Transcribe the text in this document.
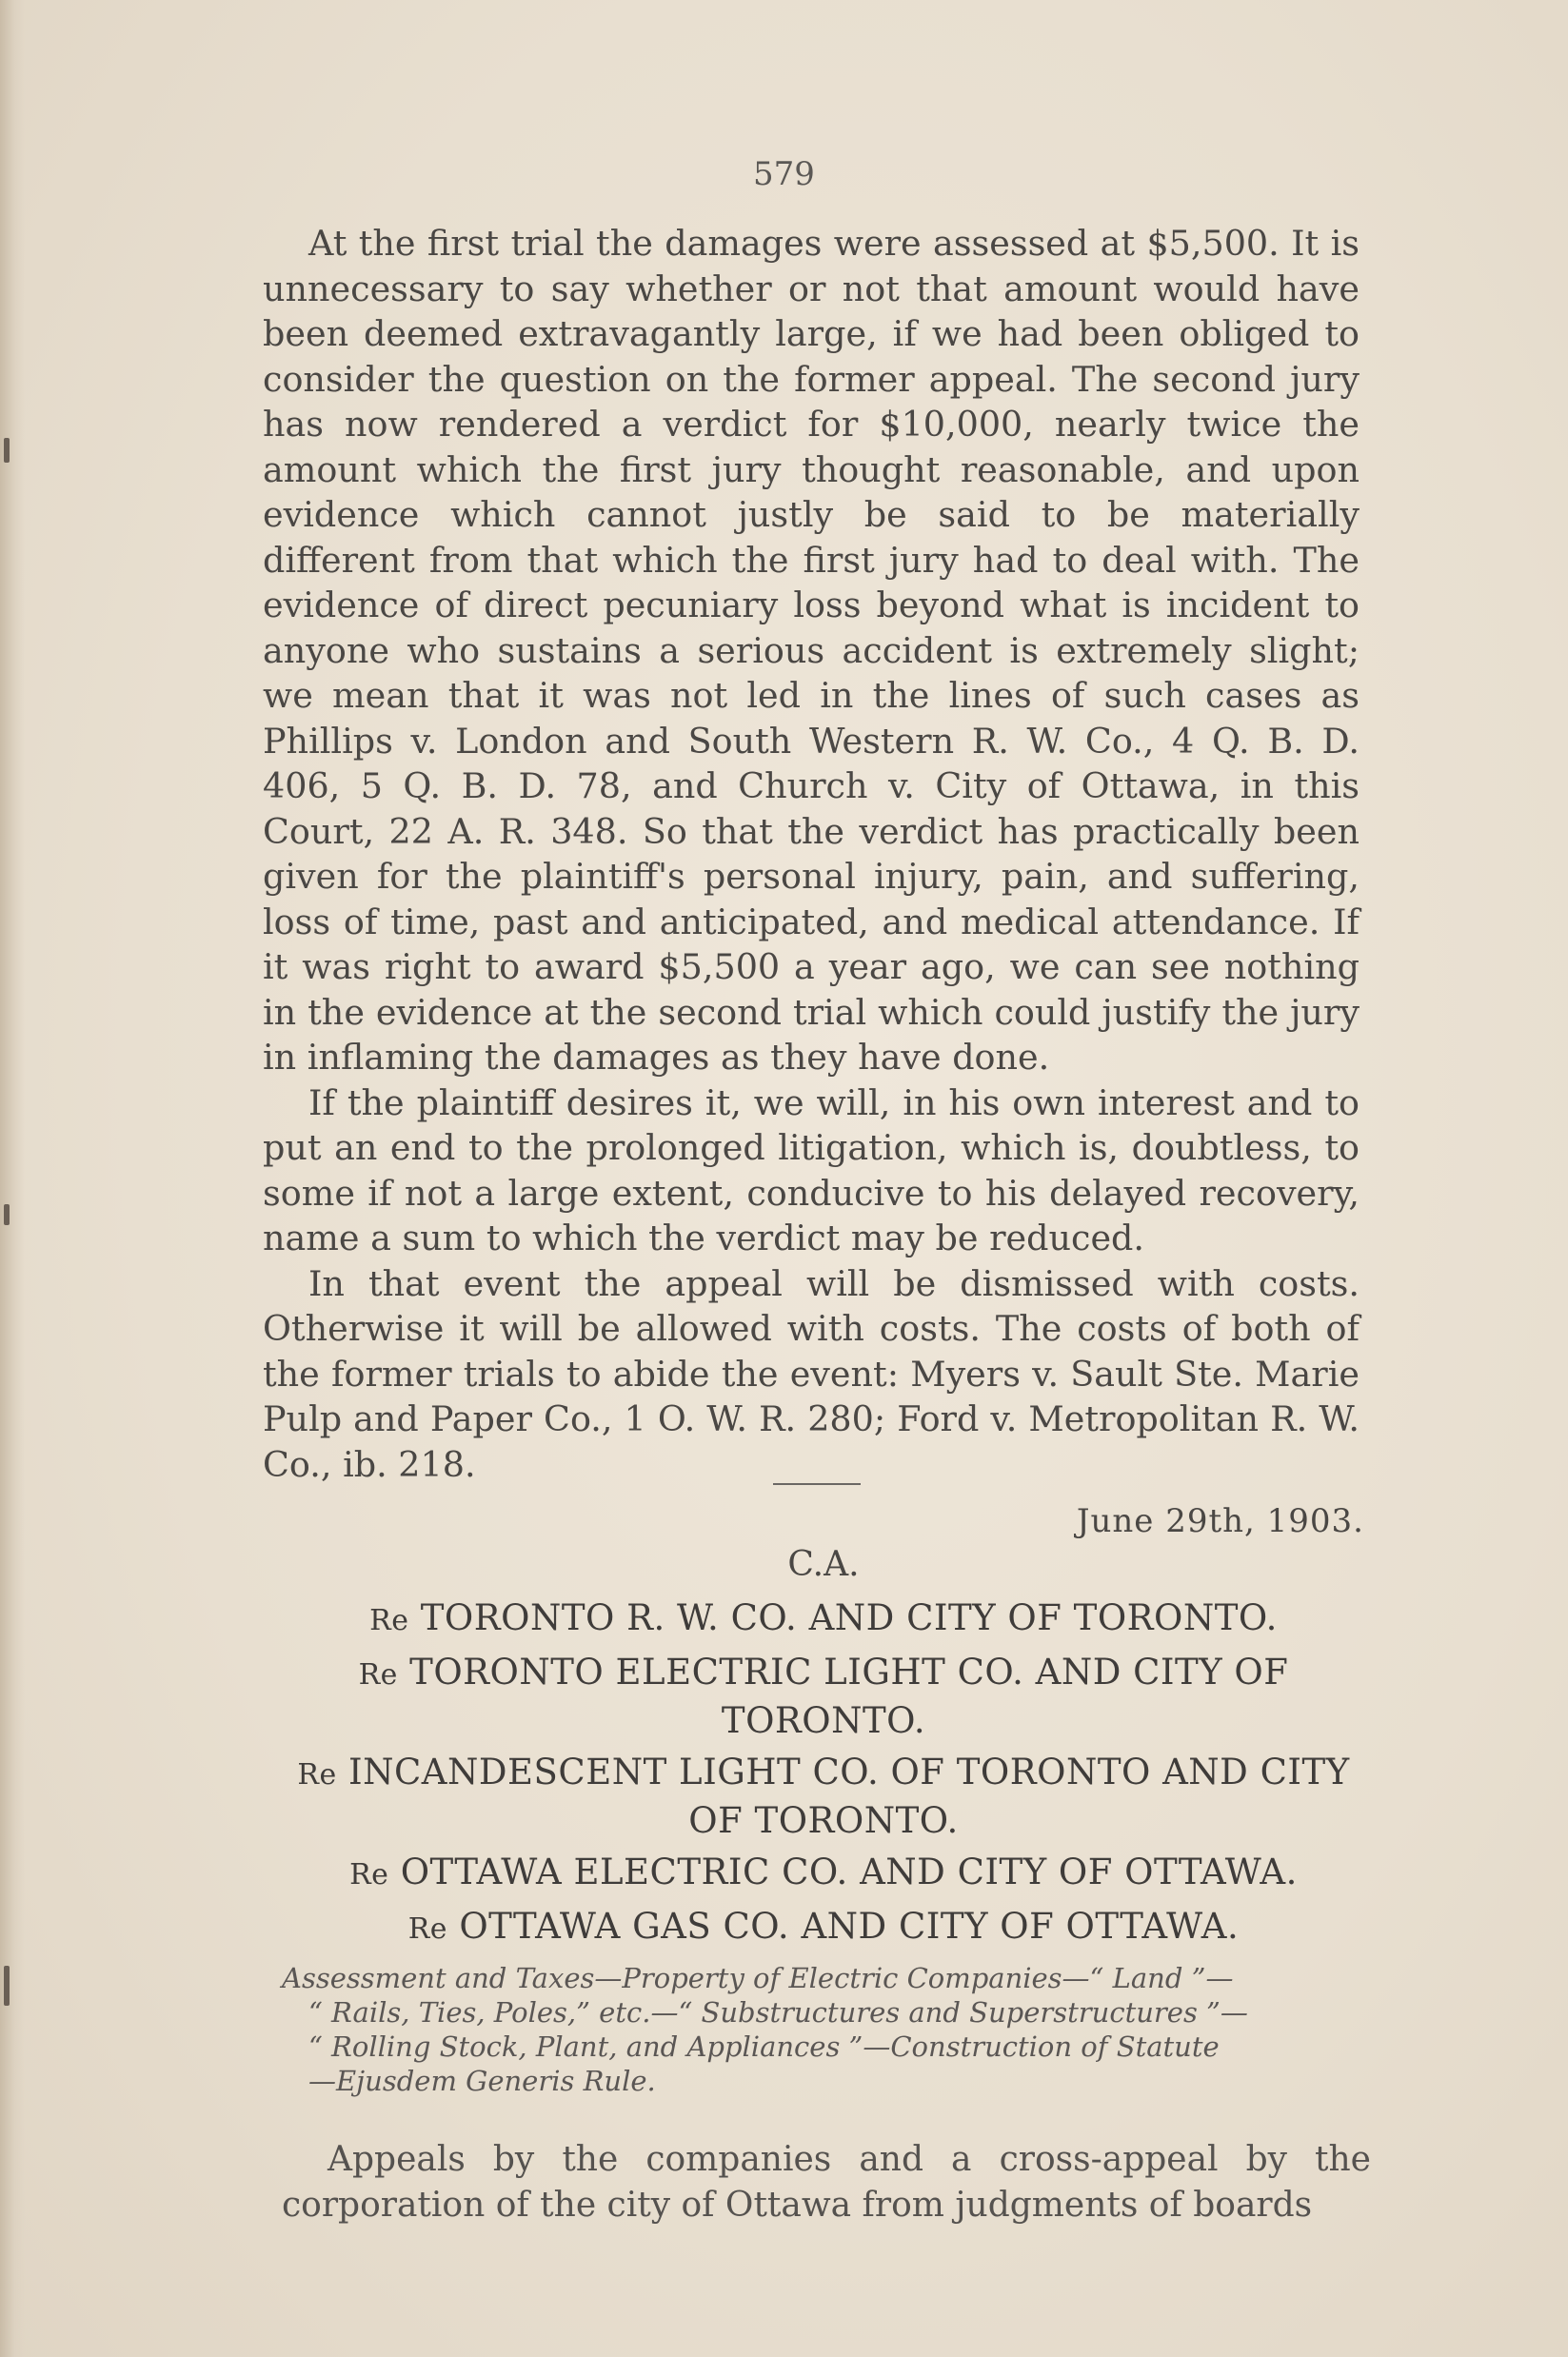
579

At the first trial the damages were assessed at $5,500. It is unnecessary to say whether or not that amount would have been deemed extravagantly large, if we had been obliged to consider the question on the former appeal. The second jury has now rendered a verdict for $10,000, nearly twice the amount which the first jury thought reasonable, and upon evidence which cannot justly be said to be materially different from that which the first jury had to deal with. The evidence of direct pecuniary loss beyond what is incident to anyone who sustains a serious accident is extremely slight; we mean that it was not led in the lines of such cases as Phillips v. London and South Western R. W. Co., 4 Q. B. D. 406, 5 Q. B. D. 78, and Church v. City of Ottawa, in this Court, 22 A. R. 348. So that the verdict has practically been given for the plaintiff's personal injury, pain, and suffering, loss of time, past and anticipated, and medical attendance. If it was right to award $5,500 a year ago, we can see nothing in the evidence at the second trial which could justify the jury in inflaming the damages as they have done.

If the plaintiff desires it, we will, in his own interest and to put an end to the prolonged litigation, which is, doubtless, to some if not a large extent, conducive to his delayed recovery, name a sum to which the verdict may be reduced.

In that event the appeal will be dismissed with costs. Otherwise it will be allowed with costs. The costs of both of the former trials to abide the event: Myers v. Sault Ste. Marie Pulp and Paper Co., 1 O. W. R. 280; Ford v. Metropolitan R. W. Co., ib. 218.

June 29th, 1903.
C.A.
Re TORONTO R. W. CO. AND CITY OF TORONTO.
Re TORONTO ELECTRIC LIGHT CO. AND CITY OF TORONTO.
Re INCANDESCENT LIGHT CO. OF TORONTO AND CITY OF TORONTO.
Re OTTAWA ELECTRIC CO. AND CITY OF OTTAWA.
Re OTTAWA GAS CO. AND CITY OF OTTAWA.
Assessment and Taxes—Property of Electric Companies—“ Land ”—
“ Rails, Ties, Poles,” etc.—“ Substructures and Superstructures ”—
“ Rolling Stock, Plant, and Appliances ”—Construction of Statute
—Ejusdem Generis Rule.
Appeals by the companies and a cross-appeal by the corporation of the city of Ottawa from judgments of boards
